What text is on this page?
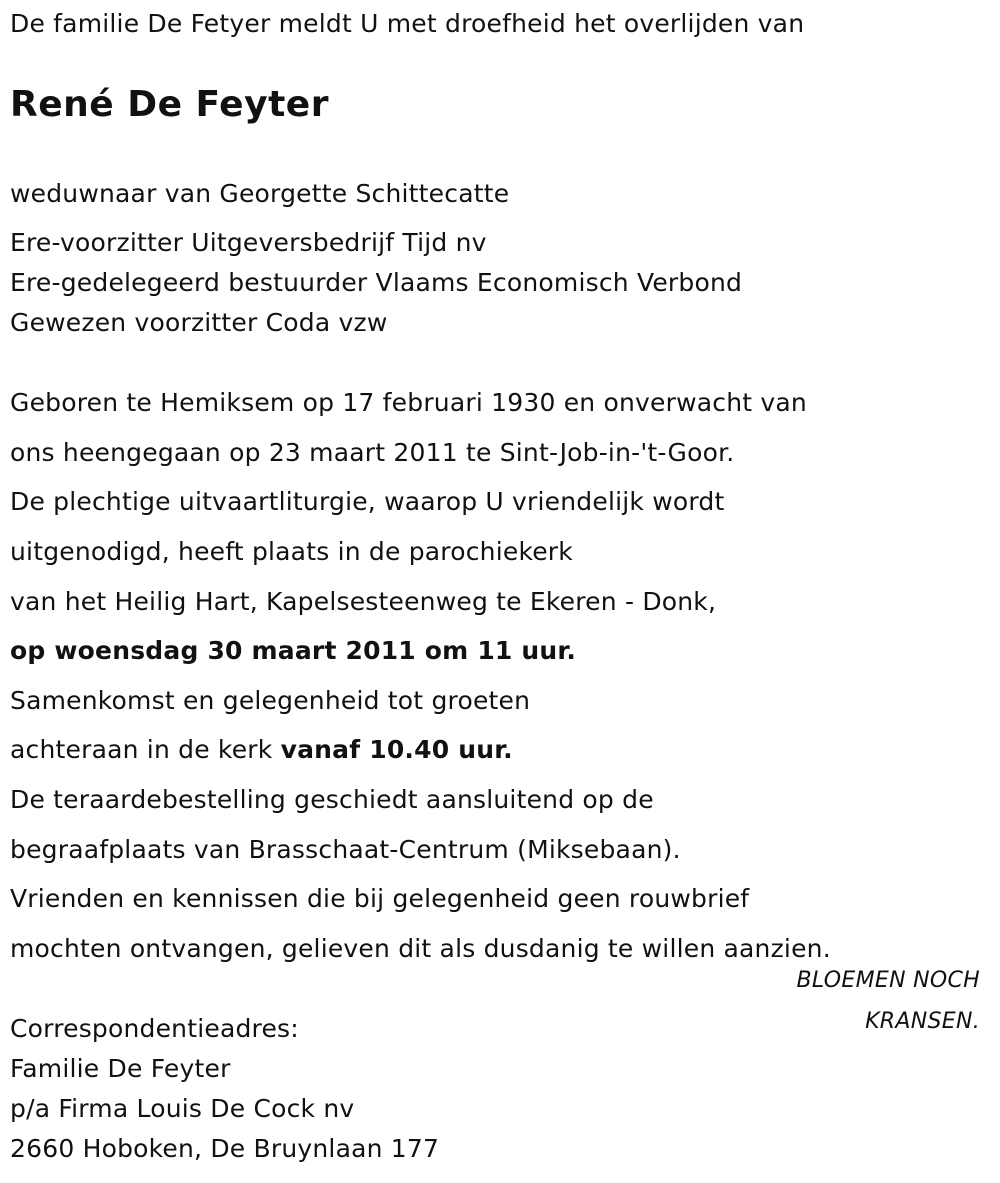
De familie De Fetyer meldt U met droefheid het overlijden van
René De Feyter
weduwnaar van Georgette Schittecatte
Ere-voorzitter Uitgeversbedrijf Tijd nv
Ere-gedelegeerd bestuurder Vlaams Economisch Verbond
Gewezen voorzitter Coda vzw
Geboren te Hemiksem op 17 februari 1930 en onverwacht van
ons heengegaan op 23 maart 2011 te Sint-Job-in-'t-Goor.
De plechtige uitvaartliturgie, waarop U vriendelijk wordt
uitgenodigd, heeft plaats in de parochiekerk
van het Heilig Hart, Kapelsesteenweg te Ekeren - Donk,
op woensdag 30 maart 2011 om 11 uur.
Samenkomst en gelegenheid tot groeten
achteraan in de kerk vanaf 10.40 uur.
De teraardebestelling geschiedt aansluitend op de
begraafplaats van Brasschaat-Centrum (Miksebaan).
Vrienden en kennissen die bij gelegenheid geen rouwbrief
mochten ontvangen, gelieven dit als dusdanig te willen aanzien.
BLOEMEN NOCH
KRANSEN.
Correspondentieadres:
Familie De Feyter
p/a Firma Louis De Cock nv
2660 Hoboken, De Bruynlaan 177
